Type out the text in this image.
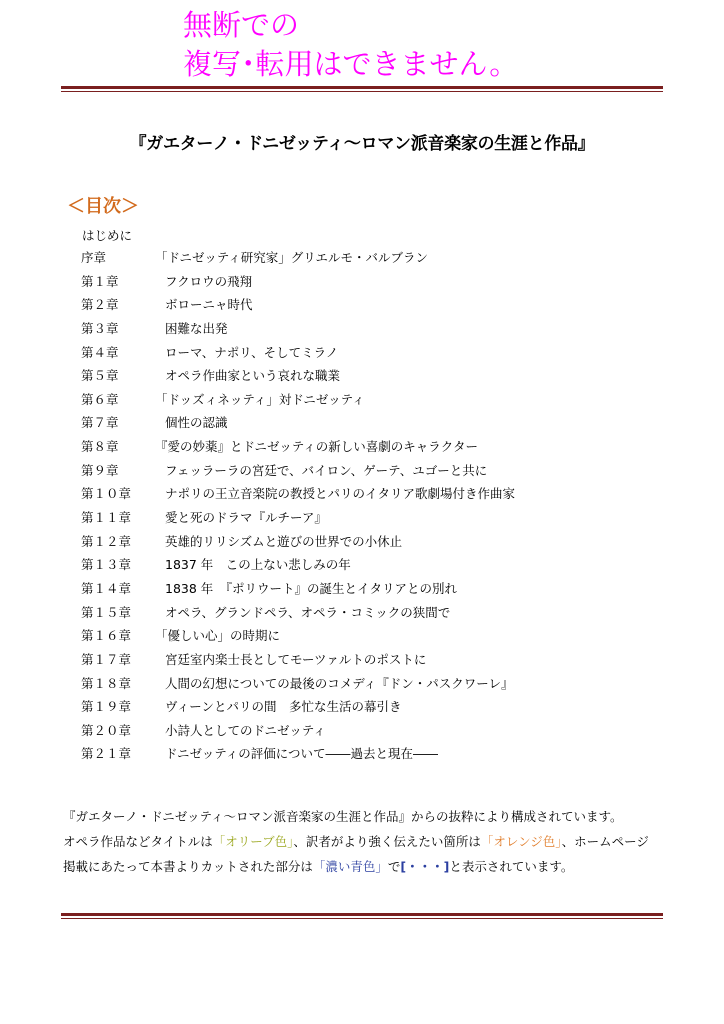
無断での
複写･転用はできません。
『ガエターノ・ドニゼッティ～ロマン派音楽家の生涯と作品』
＜目次＞
はじめに
序章	「ドニゼッティ研究家」グリエルモ・バルブラン
第１章	フクロウの飛翔
第２章	ボローニャ時代
第３章	困難な出発
第４章	ローマ、ナポリ、そしてミラノ
第５章	オペラ作曲家という哀れな職業
第６章	「ドッズィネッティ」対ドニゼッティ
第７章	個性の認識
第８章	『愛の妙薬』とドニゼッティの新しい喜劇のキャラクター
第９章	フェッラーラの宮廷で、バイロン、ゲーテ、ユゴーと共に
第１０章	ナポリの王立音楽院の教授とパリのイタリア歌劇場付き作曲家
第１１章	愛と死のドラマ『ルチーア』
第１２章	英雄的リリシズムと遊びの世界での小休止
第１３章	1837 年　この上ない悲しみの年
第１４章	1838 年　『ポリウート』の誕生とイタリアとの別れ
第１５章	オペラ、グランドペラ、オペラ・コミックの狭間で
第１６章 「優しい心」の時期に
第１７章	宮廷室内楽士長としてモーツァルトのポストに
第１８章	人間の幻想についての最後のコメディ『ドン・パスクワーレ』
第１９章	ヴィーンとパリの間　多忙な生活の幕引き
第２０章	小詩人としてのドニゼッティ
第２１章	ドニゼッティの評価について――過去と現在――
『ガエターノ・ドニゼッティ～ロマン派音楽家の生涯と作品』からの抜粋により構成されています。
オペラ作品などタイトルは「オリーブ色」、訳者がより強く伝えたい箇所は「オレンジ色」、ホームページ
掲載にあたって本書よりカットされた部分は「濃い青色」で[・・・]と表示されています。
